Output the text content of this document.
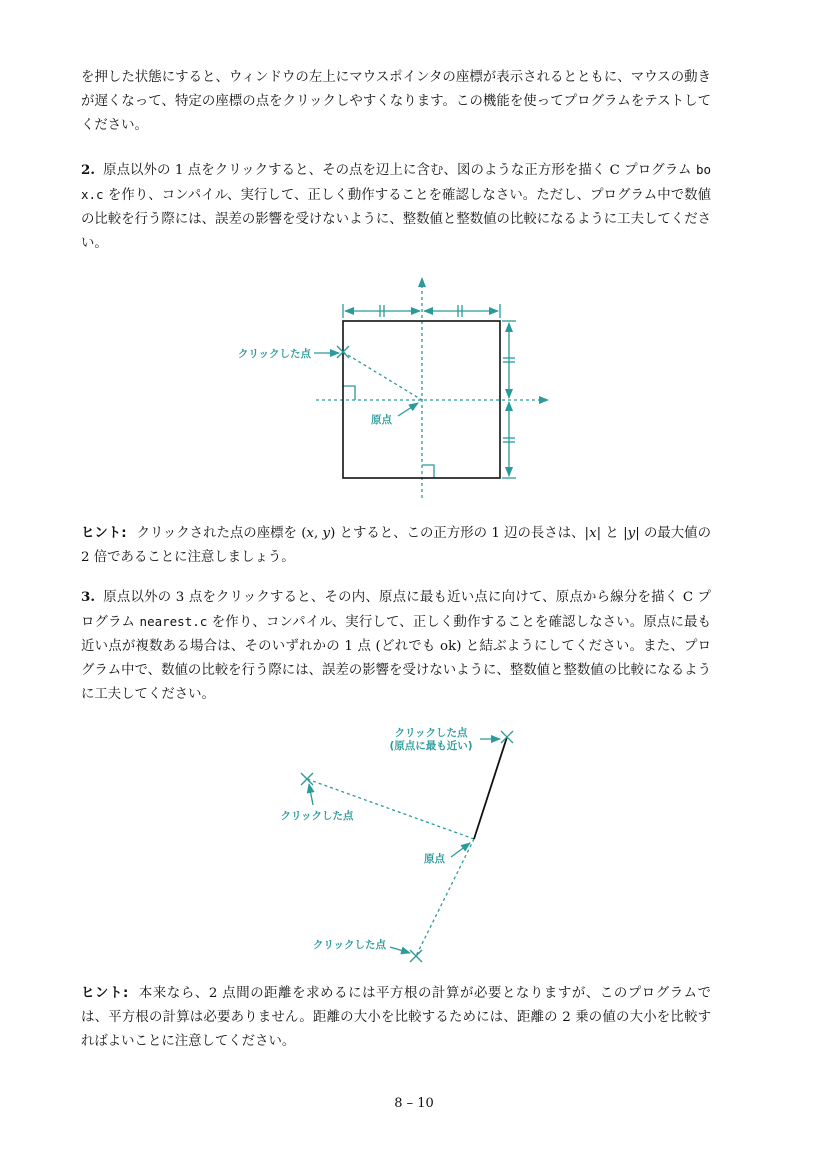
を押した状態にすると、ウィンドウの左上にマウスポインタの座標が表示されるとともに、マウスの動きが遅くなって、特定の座標の点をクリックしやすくなります。この機能を使ってプログラムをテストしてください。

2. 原点以外の 1 点をクリックすると、その点を辺上に含む、図のような正方形を描く C プログラム box.c を作り、コンパイル、実行して、正しく動作することを確認しなさい。ただし、プログラム中で数値の比較を行う際には、誤差の影響を受けないように、整数値と整数値の比較になるように工夫してください。

クリックした点
原点

ヒント: クリックされた点の座標を (x, y) とすると、この正方形の 1 辺の長さは、|x| と |y| の最大値の 2 倍であることに注意しましょう。

3. 原点以外の 3 点をクリックすると、その内、原点に最も近い点に向けて、原点から線分を描く C プログラム nearest.c を作り、コンパイル、実行して、正しく動作することを確認しなさい。原点に最も近い点が複数ある場合は、そのいずれかの 1 点 (どれでも ok) と結ぶようにしてください。また、プログラム中で、数値の比較を行う際には、誤差の影響を受けないように、整数値と整数値の比較になるように工夫してください。

クリックした点
(原点に最も近い)
クリックした点
原点
クリックした点

ヒント: 本来なら、2 点間の距離を求めるには平方根の計算が必要となりますが、このプログラムでは、平方根の計算は必要ありません。距離の大小を比較するためには、距離の 2 乗の値の大小を比較すればよいことに注意してください。

8 – 10
